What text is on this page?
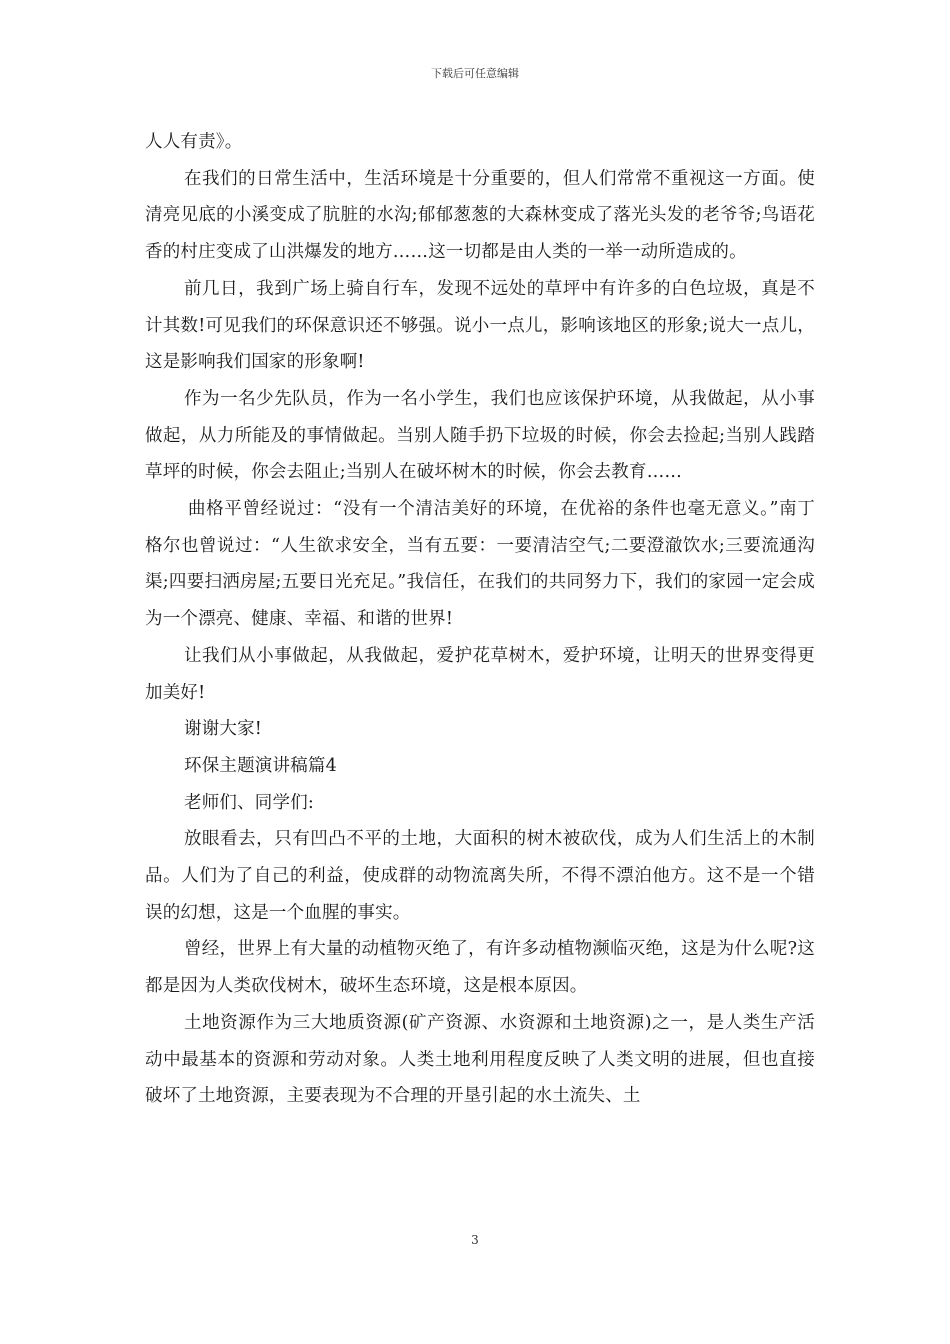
下载后可任意编辑

人人有责》。

在我们的日常生活中，生活环境是十分重要的，但人们常常不重视这一方面。使清亮见底的小溪变成了肮脏的水沟;郁郁葱葱的大森林变成了落光头发的老爷爷;鸟语花香的村庄变成了山洪爆发的地方……这一切都是由人类的一举一动所造成的。

前几日，我到广场上骑自行车，发现不远处的草坪中有许多的白色垃圾，真是不计其数!可见我们的环保意识还不够强。说小一点儿，影响该地区的形象;说大一点儿，这是影响我们国家的形象啊!

作为一名少先队员，作为一名小学生，我们也应该保护环境，从我做起，从小事做起，从力所能及的事情做起。当别人随手扔下垃圾的时候，你会去捡起;当别人践踏草坪的时候，你会去阻止;当别人在破坏树木的时候，你会去教育……

曲格平曾经说过：“没有一个清洁美好的环境，在优裕的条件也毫无意义。”南丁格尔也曾说过：“人生欲求安全，当有五要：一要清洁空气;二要澄澈饮水;三要流通沟渠;四要扫洒房屋;五要日光充足。”我信任，在我们的共同努力下，我们的家园一定会成为一个漂亮、健康、幸福、和谐的世界!

让我们从小事做起，从我做起，爱护花草树木，爱护环境，让明天的世界变得更加美好!

谢谢大家!

环保主题演讲稿篇4

老师们、同学们:

放眼看去，只有凹凸不平的土地，大面积的树木被砍伐，成为人们生活上的木制品。人们为了自己的利益，使成群的动物流离失所，不得不漂泊他方。这不是一个错误的幻想，这是一个血腥的事实。

曾经，世界上有大量的动植物灭绝了，有许多动植物濒临灭绝，这是为什么呢?这都是因为人类砍伐树木，破坏生态环境，这是根本原因。

土地资源作为三大地质资源(矿产资源、水资源和土地资源)之一，是人类生产活动中最基本的资源和劳动对象。人类土地利用程度反映了人类文明的进展，但也直接破坏了土地资源，主要表现为不合理的开垦引起的水土流失、土

3
